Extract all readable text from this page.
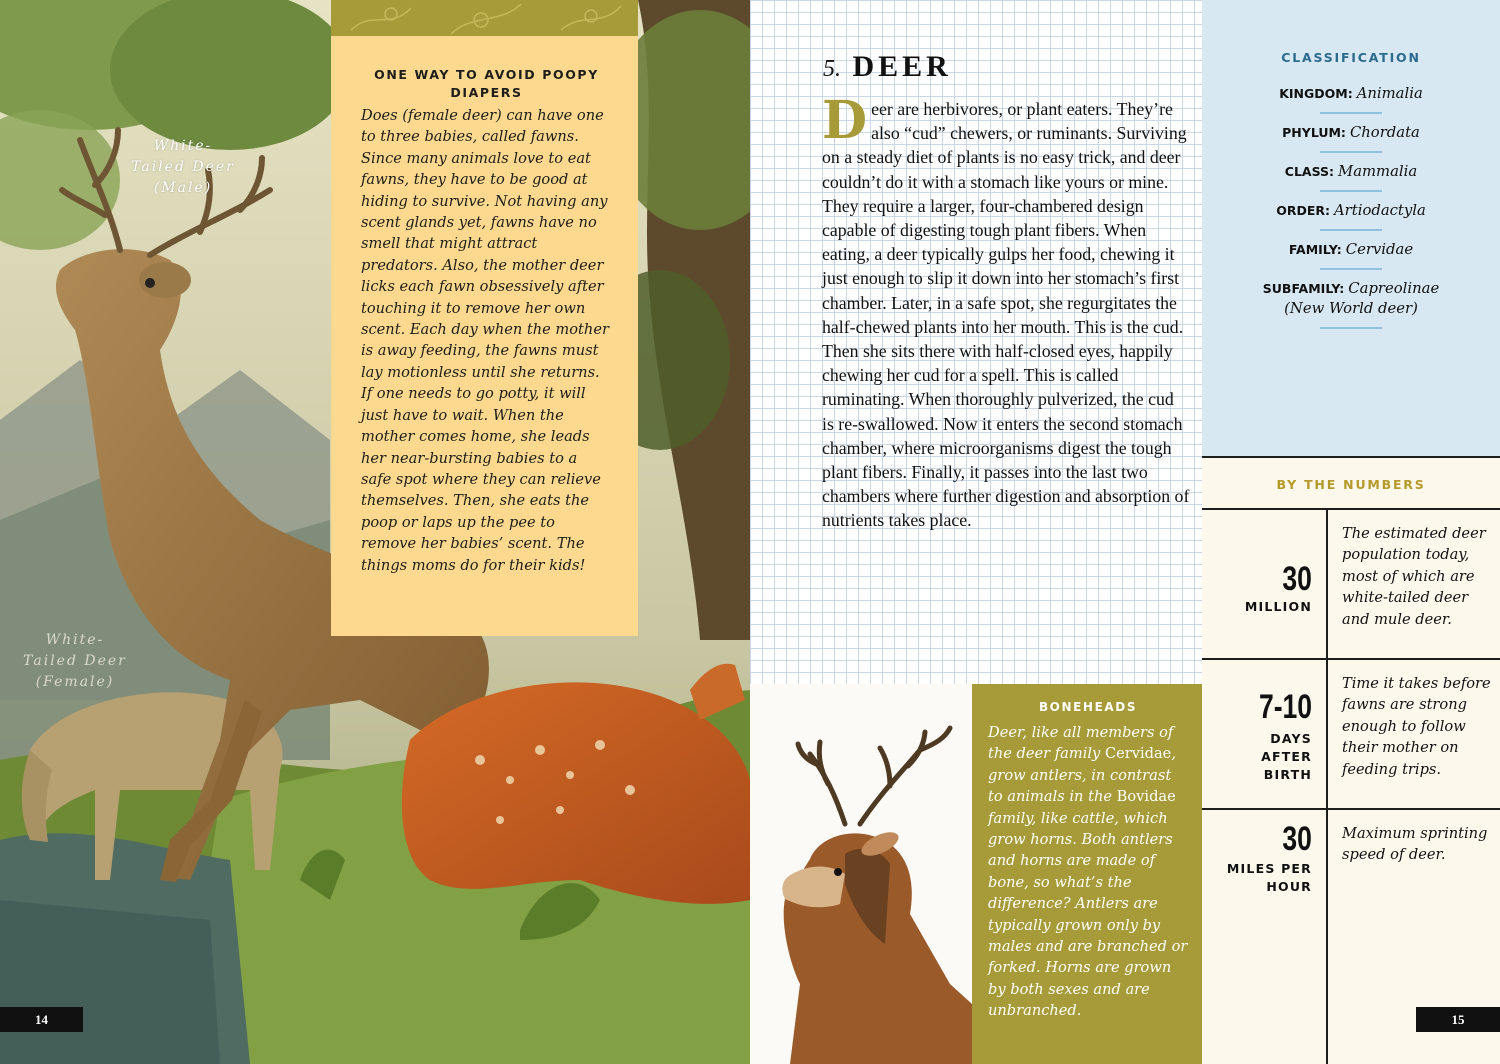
White-
Tailed Deer
(Male)
White-
Tailed Deer
(Female)
ONE WAY TO AVOID POOPY DIAPERS
Does (female deer) can have one to three babies, called fawns. Since many animals love to eat fawns, they have to be good at hiding to survive. Not having any scent glands yet, fawns have no smell that might attract predators. Also, the mother deer licks each fawn obsessively after touching it to remove her own scent. Each day when the mother is away feeding, the fawns must lay motionless until she returns. If one needs to go potty, it will just have to wait. When the mother comes home, she leads her near-bursting babies to a safe spot where they can relieve themselves. Then, she eats the poop or laps up the pee to remove her babies’ scent. The things moms do for their kids!
14
5. DEER
Deer are herbivores, or plant eaters. They’re also “cud” chewers, or ruminants. Surviving on a steady diet of plants is no easy trick, and deer couldn’t do it with a stomach like yours or mine. They require a larger, four-chambered design capable of digesting tough plant fibers. When eating, a deer typically gulps her food, chewing it just enough to slip it down into her stomach’s first chamber. Later, in a safe spot, she regurgitates the half-chewed plants into her mouth. This is the cud. Then she sits there with half-closed eyes, happily chewing her cud for a spell. This is called ruminating. When thoroughly pulverized, the cud is re-swallowed. Now it enters the second stomach chamber, where microorganisms digest the tough plant fibers. Finally, it passes into the last two chambers where further digestion and absorption of nutrients takes place.
BONEHEADS
Deer, like all members of the deer family Cervidae, grow antlers, in contrast to animals in the Bovidae family, like cattle, which grow horns. Both antlers and horns are made of bone, so what’s the difference? Antlers are typically grown only by males and are branched or forked. Horns are grown by both sexes and are unbranched.
CLASSIFICATION
KINGDOM: Animalia
PHYLUM: Chordata
CLASS: Mammalia
ORDER: Artiodactyla
FAMILY: Cervidae
SUBFAMILY: Capreolinae
(New World deer)
BY THE NUMBERS
30
MILLION
The estimated deer population today, most of which are white-tailed deer and mule deer.
7-10
DAYS
AFTER
BIRTH
Time it takes before fawns are strong enough to follow their mother on feeding trips.
30
MILES PER
HOUR
Maximum sprinting speed of deer.
15
